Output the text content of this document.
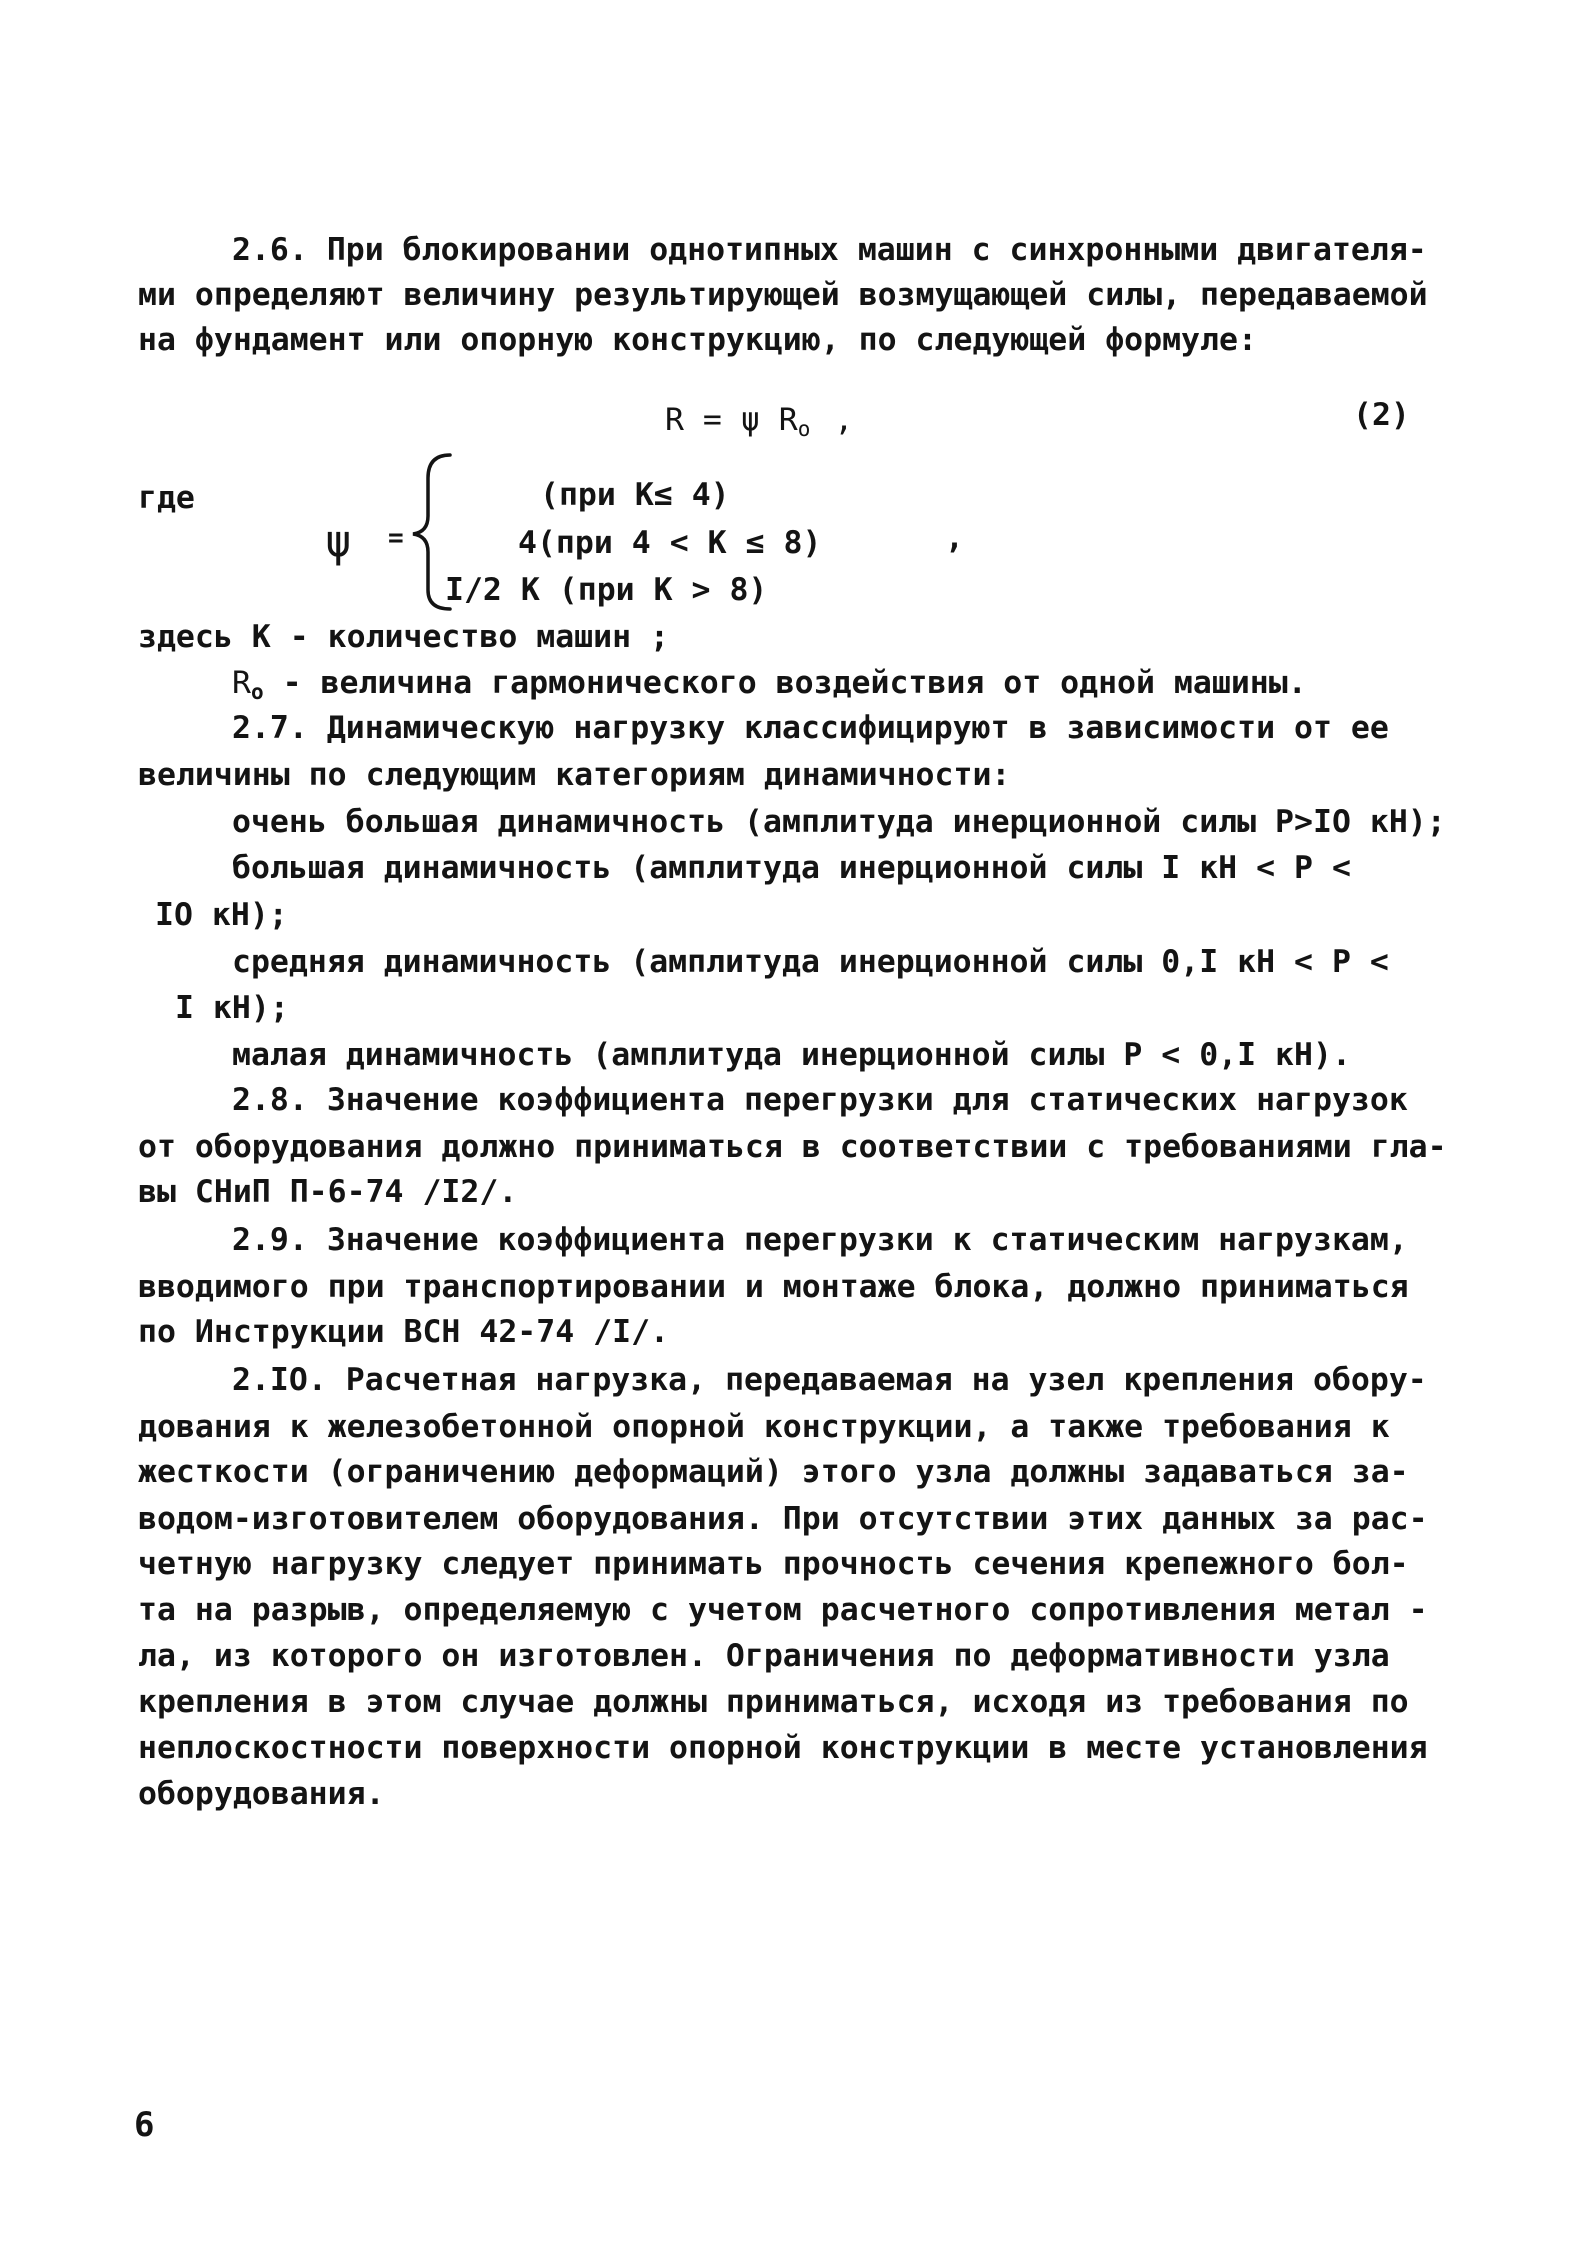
2.6. При блокировании однотипных машин с синхронными двигателя-
ми определяют величину результирующей возмущающей силы, передаваемой
на фундамент или опорную конструкцию, по следующей формуле:
R = ψ $R_o$ ,	(2)
где
ψ =
(при K≤ 4)
4(при 4 < K ≤ 8)
I/2 K (при K > 8)
,
здесь K - количество машин ;
$R_o$ - величина гармонического воздействия от одной машины.
2.7. Динамическую нагрузку классифицируют в зависимости от ее
величины по следующим категориям динамичности:
очень большая динамичность (амплитуда инерционной силы P>IO кН);
большая динамичность (амплитуда инерционной силы I кН < P <
IO кН);
средняя динамичность (амплитуда инерционной силы 0,I кН < P <
I кН);
малая динамичность (амплитуда инерционной силы P < 0,I кН).
2.8. Значение коэффициента перегрузки для статических нагрузок
от оборудования должно приниматься в соответствии с требованиями гла-
вы СНиП П-6-74 /I2/.
2.9. Значение коэффициента перегрузки к статическим нагрузкам,
вводимого при транспортировании и монтаже блока, должно приниматься
по Инструкции ВСН 42-74 /I/.
2.IO. Расчетная нагрузка, передаваемая на узел крепления обору-
дования к железобетонной опорной конструкции, а также требования к
жесткости (ограничению деформаций) этого узла должны задаваться за-
водом-изготовителем оборудования. При отсутствии этих данных за рас-
четную нагрузку следует принимать прочность сечения крепежного бол-
та на разрыв, определяемую с учетом расчетного сопротивления метал -
ла, из которого он изготовлен. Ограничения по деформативности узла
крепления в этом случае должны приниматься, исходя из требования по
неплоскостности поверхности опорной конструкции в месте установления
оборудования.
6
